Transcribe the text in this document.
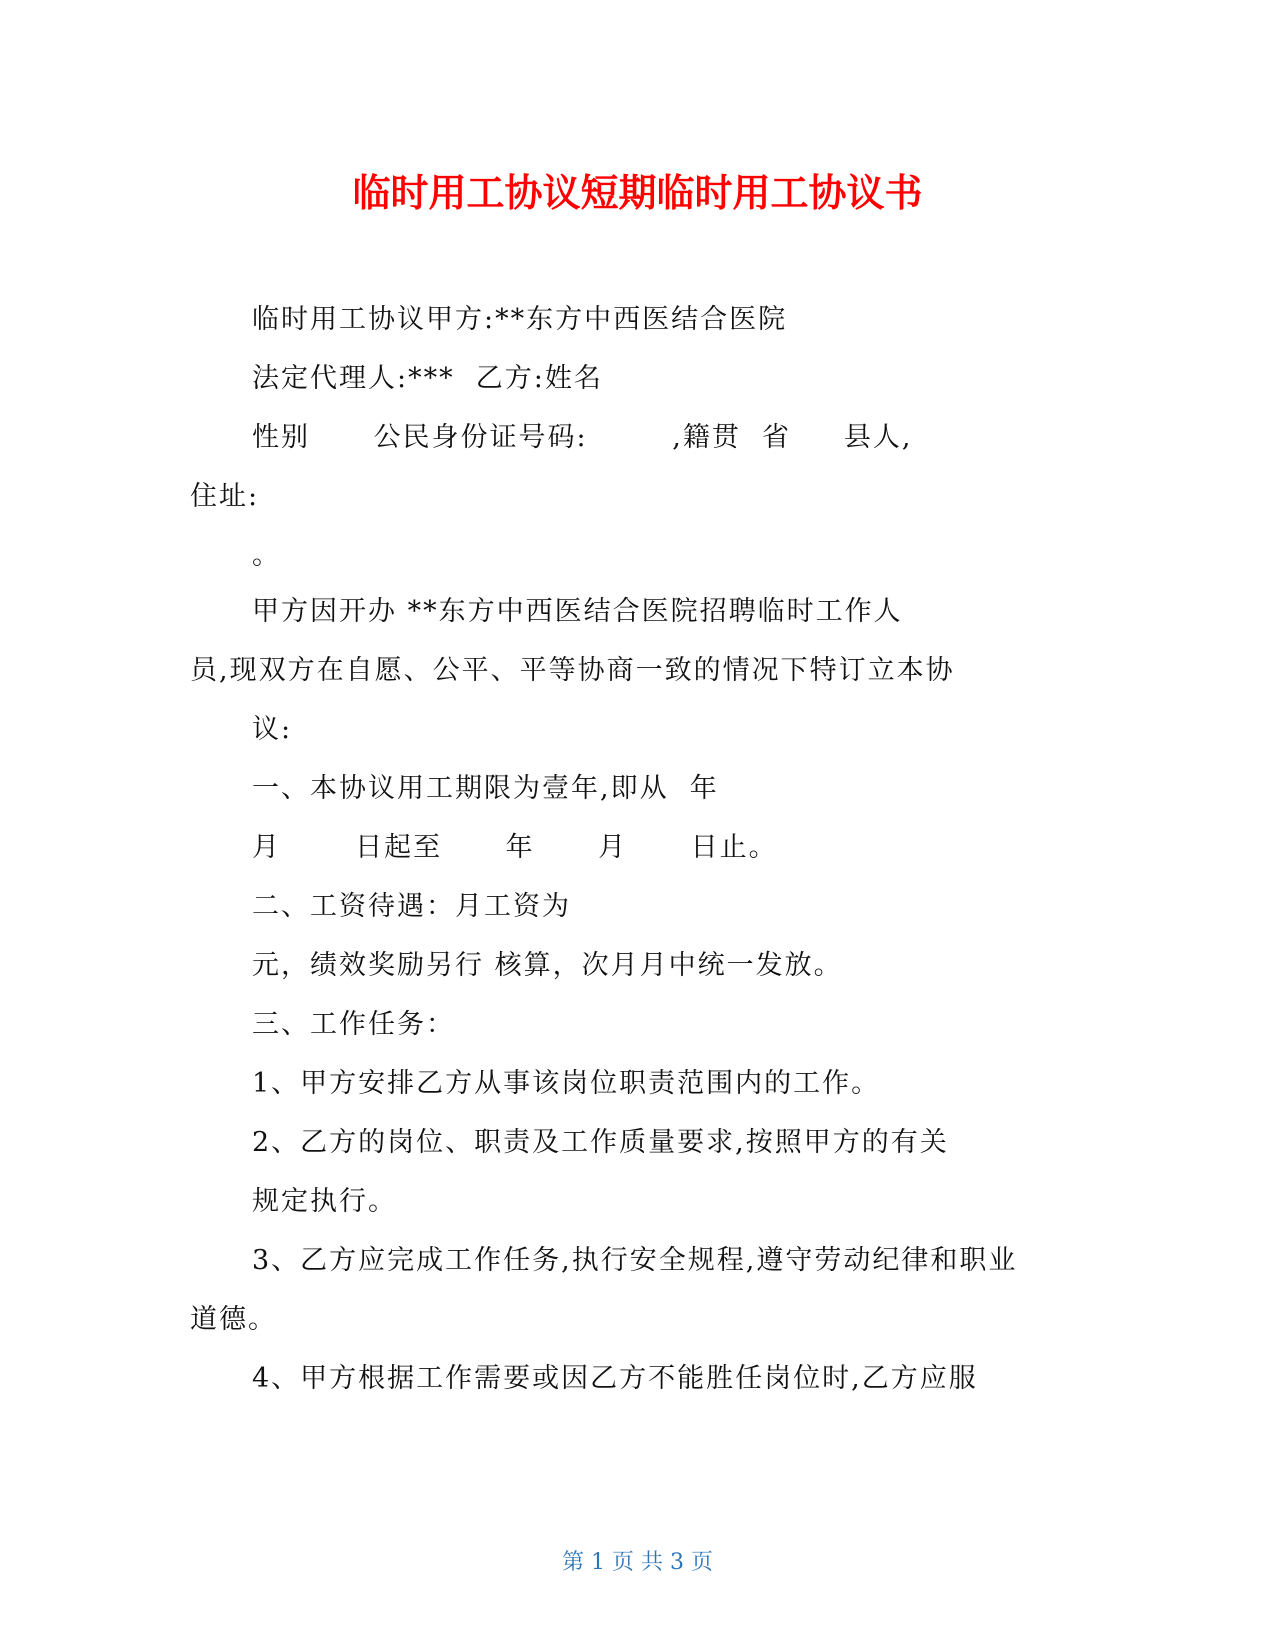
临时用工协议短期临时用工协议书
临时用工协议甲方:**东方中西医结合医院
法定代理人:***  乙方:姓名
性别      公民身份证号码:        ,籍贯  省     县人,
住址:
。
甲方因开办 **东方中西医结合医院招聘临时工作人
员,现双方在自愿、公平、平等协商一致的情况下特订立本协
议:
一、本协议用工期限为壹年,即从  年
月       日起至      年      月      日止。
二、工资待遇：月工资为
元，绩效奖励另行 核算，次月月中统一发放。
三、工作任务：
1、甲方安排乙方从事该岗位职责范围内的工作。
2、乙方的岗位、职责及工作质量要求,按照甲方的有关
规定执行。
3、乙方应完成工作任务,执行安全规程,遵守劳动纪律和职业
道德。
4、甲方根据工作需要或因乙方不能胜任岗位时,乙方应服
第 1 页 共 3 页
